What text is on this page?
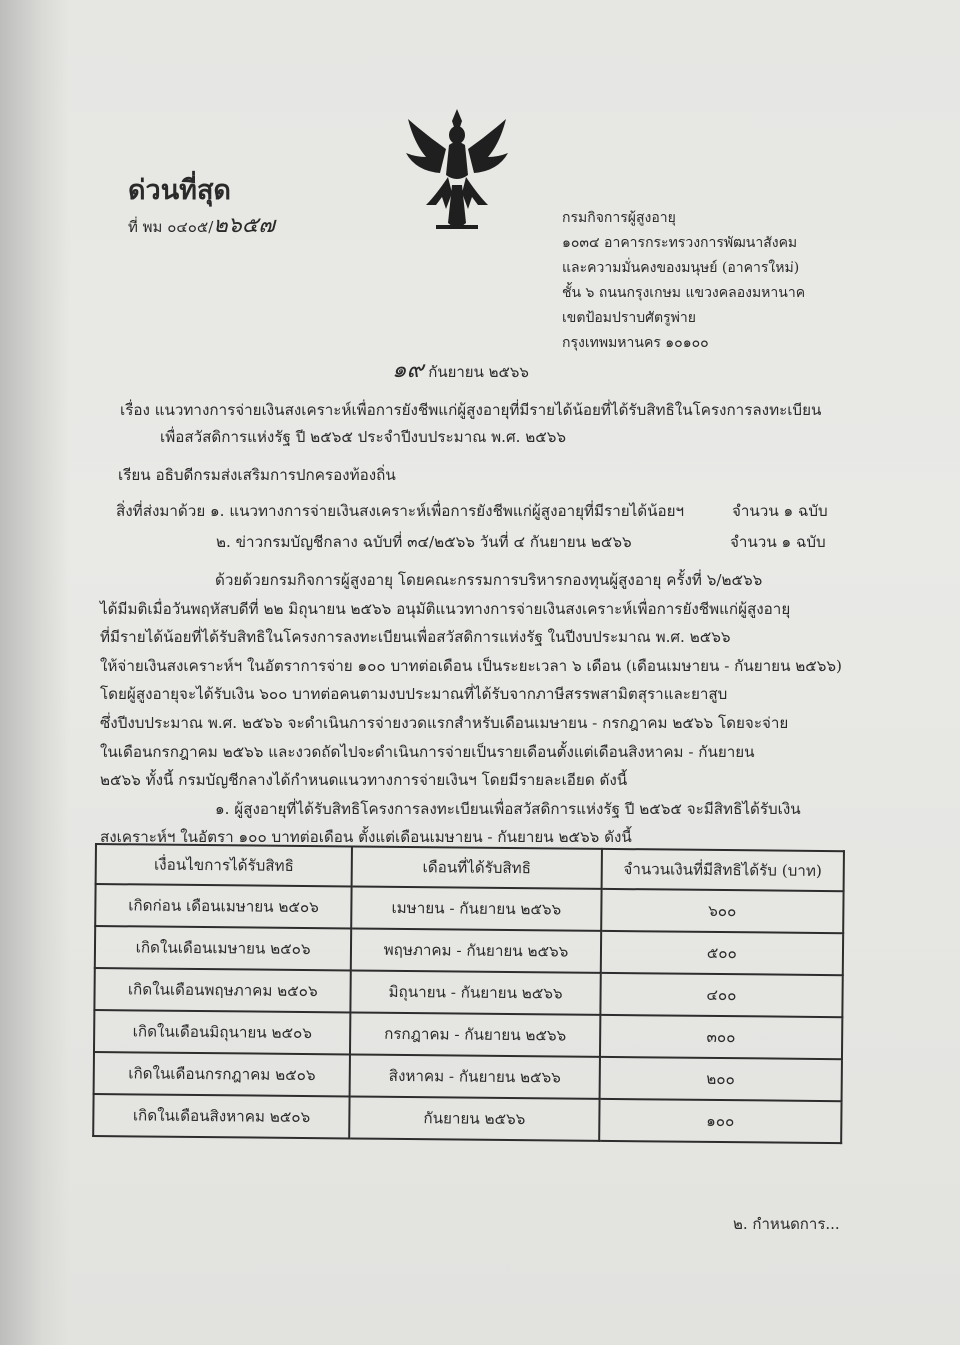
ด่วนที่สุด
ที่ พม ๐๔๐๕/๒๖๕๗	กรมกิจการผู้สูงอายุ
๑๐๓๔ อาคารกระทรวงการพัฒนาสังคม
และความมั่นคงของมนุษย์ (อาคารใหม่)
ชั้น ๖ ถนนกรุงเกษม แขวงคลองมหานาค
เขตป้อมปราบศัตรูพ่าย
กรุงเทพมหานคร ๑๐๑๐๐
๑๙ กันยายน ๒๕๖๖
เรื่อง แนวทางการจ่ายเงินสงเคราะห์เพื่อการยังชีพแก่ผู้สูงอายุที่มีรายได้น้อยที่ได้รับสิทธิในโครงการลงทะเบียน
เพื่อสวัสดิการแห่งรัฐ ปี ๒๕๖๕ ประจำปีงบประมาณ พ.ศ. ๒๕๖๖
เรียน อธิบดีกรมส่งเสริมการปกครองท้องถิ่น
สิ่งที่ส่งมาด้วย ๑. แนวทางการจ่ายเงินสงเคราะห์เพื่อการยังชีพแก่ผู้สูงอายุที่มีรายได้น้อยฯ	จำนวน ๑ ฉบับ
๒. ข่าวกรมบัญชีกลาง ฉบับที่ ๓๔/๒๕๖๖ วันที่ ๔ กันยายน ๒๕๖๖	จำนวน ๑ ฉบับ

ด้วยด้วยกรมกิจการผู้สูงอายุ โดยคณะกรรมการบริหารกองทุนผู้สูงอายุ ครั้งที่ ๖/๒๕๖๖

ได้มีมติเมื่อวันพฤหัสบดีที่ ๒๒ มิถุนายน ๒๕๖๖ อนุมัติแนวทางการจ่ายเงินสงเคราะห์เพื่อการยังชีพแก่ผู้สูงอายุ

ที่มีรายได้น้อยที่ได้รับสิทธิในโครงการลงทะเบียนเพื่อสวัสดิการแห่งรัฐ ในปีงบประมาณ พ.ศ. ๒๕๖๖

ให้จ่ายเงินสงเคราะห์ฯ ในอัตราการจ่าย ๑๐๐ บาทต่อเดือน เป็นระยะเวลา ๖ เดือน (เดือนเมษายน - กันยายน ๒๕๖๖)

โดยผู้สูงอายุจะได้รับเงิน ๖๐๐ บาทต่อคนตามงบประมาณที่ได้รับจากภาษีสรรพสามิตสุราและยาสูบ

ซึ่งปีงบประมาณ พ.ศ. ๒๕๖๖ จะดำเนินการจ่ายงวดแรกสำหรับเดือนเมษายน - กรกฎาคม ๒๕๖๖ โดยจะจ่าย

ในเดือนกรกฎาคม ๒๕๖๖ และงวดถัดไปจะดำเนินการจ่ายเป็นรายเดือนตั้งแต่เดือนสิงหาคม - กันยายน

๒๕๖๖ ทั้งนี้ กรมบัญชีกลางได้กำหนดแนวทางการจ่ายเงินฯ โดยมีรายละเอียด ดังนี้

๑. ผู้สูงอายุที่ได้รับสิทธิโครงการลงทะเบียนเพื่อสวัสดิการแห่งรัฐ ปี ๒๕๖๕ จะมีสิทธิได้รับเงิน

สงเคราะห์ฯ ในอัตรา ๑๐๐ บาทต่อเดือน ตั้งแต่เดือนเมษายน - กันยายน ๒๕๖๖ ดังนี้

เงื่อนไขการได้รับสิทธิ	เดือนที่ได้รับสิทธิ	จำนวนเงินที่มีสิทธิได้รับ (บาท)
เกิดก่อน เดือนเมษายน ๒๕๐๖	เมษายน - กันยายน ๒๕๖๖	๖๐๐
เกิดในเดือนเมษายน ๒๕๐๖	พฤษภาคม - กันยายน ๒๕๖๖	๕๐๐
เกิดในเดือนพฤษภาคม ๒๕๐๖	มิถุนายน - กันยายน ๒๕๖๖	๔๐๐
เกิดในเดือนมิถุนายน ๒๕๐๖	กรกฎาคม - กันยายน ๒๕๖๖	๓๐๐
เกิดในเดือนกรกฎาคม ๒๕๐๖	สิงหาคม - กันยายน ๒๕๖๖	๒๐๐
เกิดในเดือนสิงหาคม ๒๕๐๖	กันยายน ๒๕๖๖	๑๐๐
๒. กำหนดการ...
